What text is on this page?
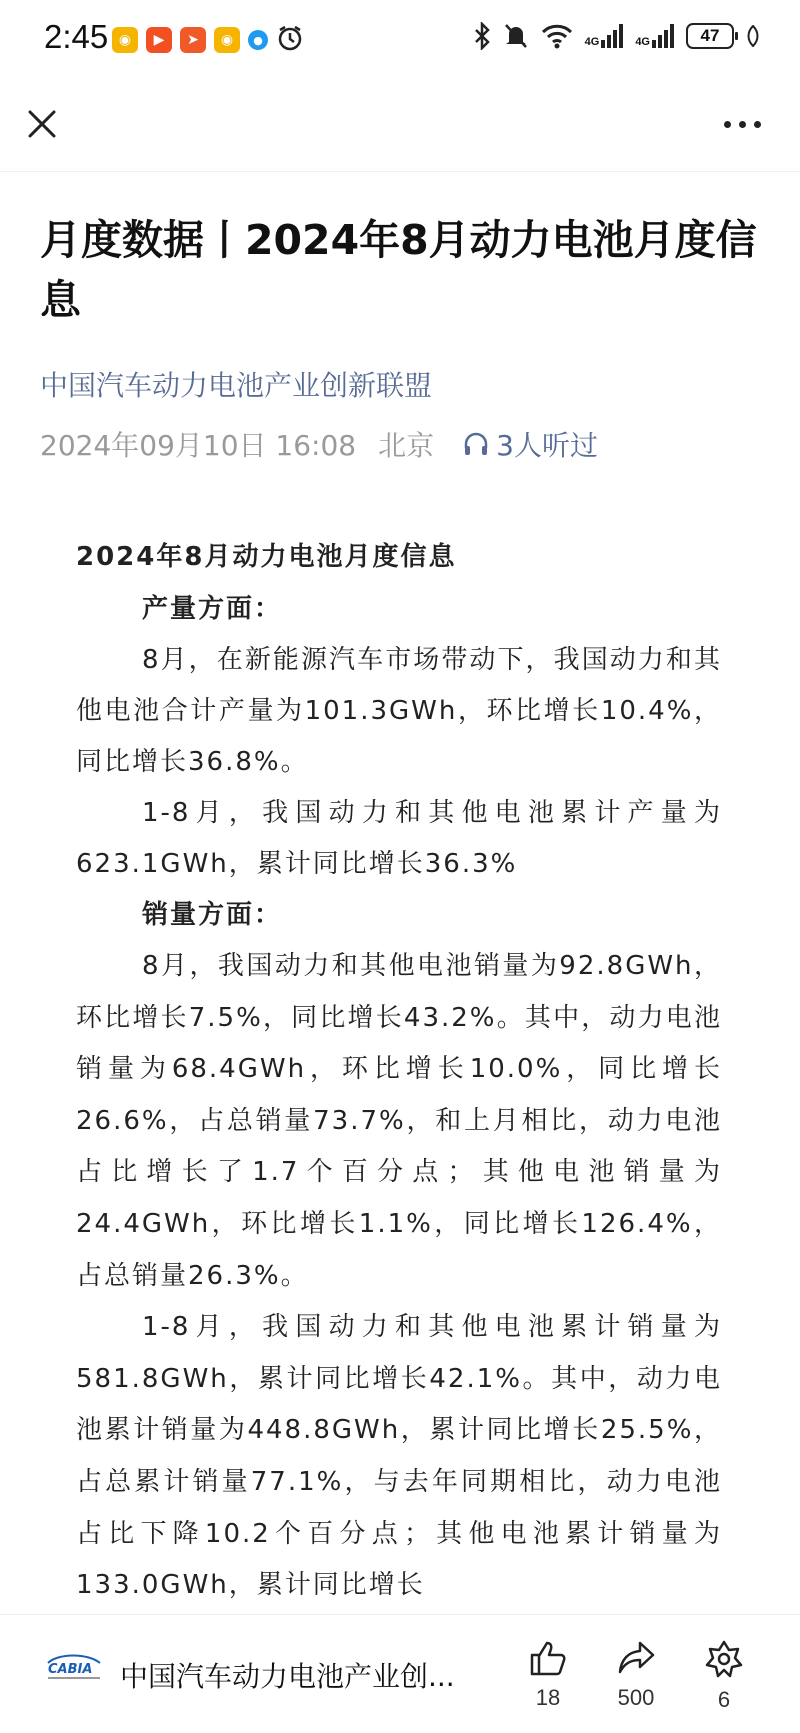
2:45 ◉	▶	➤	◉	●	4G	4G	47
月度数据丨2024年8月动力电池月度信息
中国汽车动力电池产业创新联盟
2024年09月10日 16:08 北京 3人听过

2024年8月动力电池月度信息

产量方面：

8月，在新能源汽车市场带动下，我国动力和其他电池合计产量为101.3GWh，环比增长10.4%，同比增长36.8%。

1-8月，我国动力和其他电池累计产量为623.1GWh，累计同比增长36.3%

销量方面：

8月，我国动力和其他电池销量为92.8GWh，环比增长7.5%，同比增长43.2%。其中，动力电池销量为68.4GWh，环比增长10.0%，同比增长26.6%，占总销量73.7%，和上月相比，动力电池占比增长了1.7个百分点；其他电池销量为24.4GWh，环比增长1.1%，同比增长126.4%，占总销量26.3%。

1-8月，我国动力和其他电池累计销量为581.8GWh，累计同比增长42.1%。其中，动力电池累计销量为448.8GWh，累计同比增长25.5%，占总累计销量77.1%，与去年同期相比，动力电池占比下降10.2个百分点；其他电池累计销量为133.0GWh，累计同比增长

CABIA 中国汽车动力电池产业创...
18	500	6
